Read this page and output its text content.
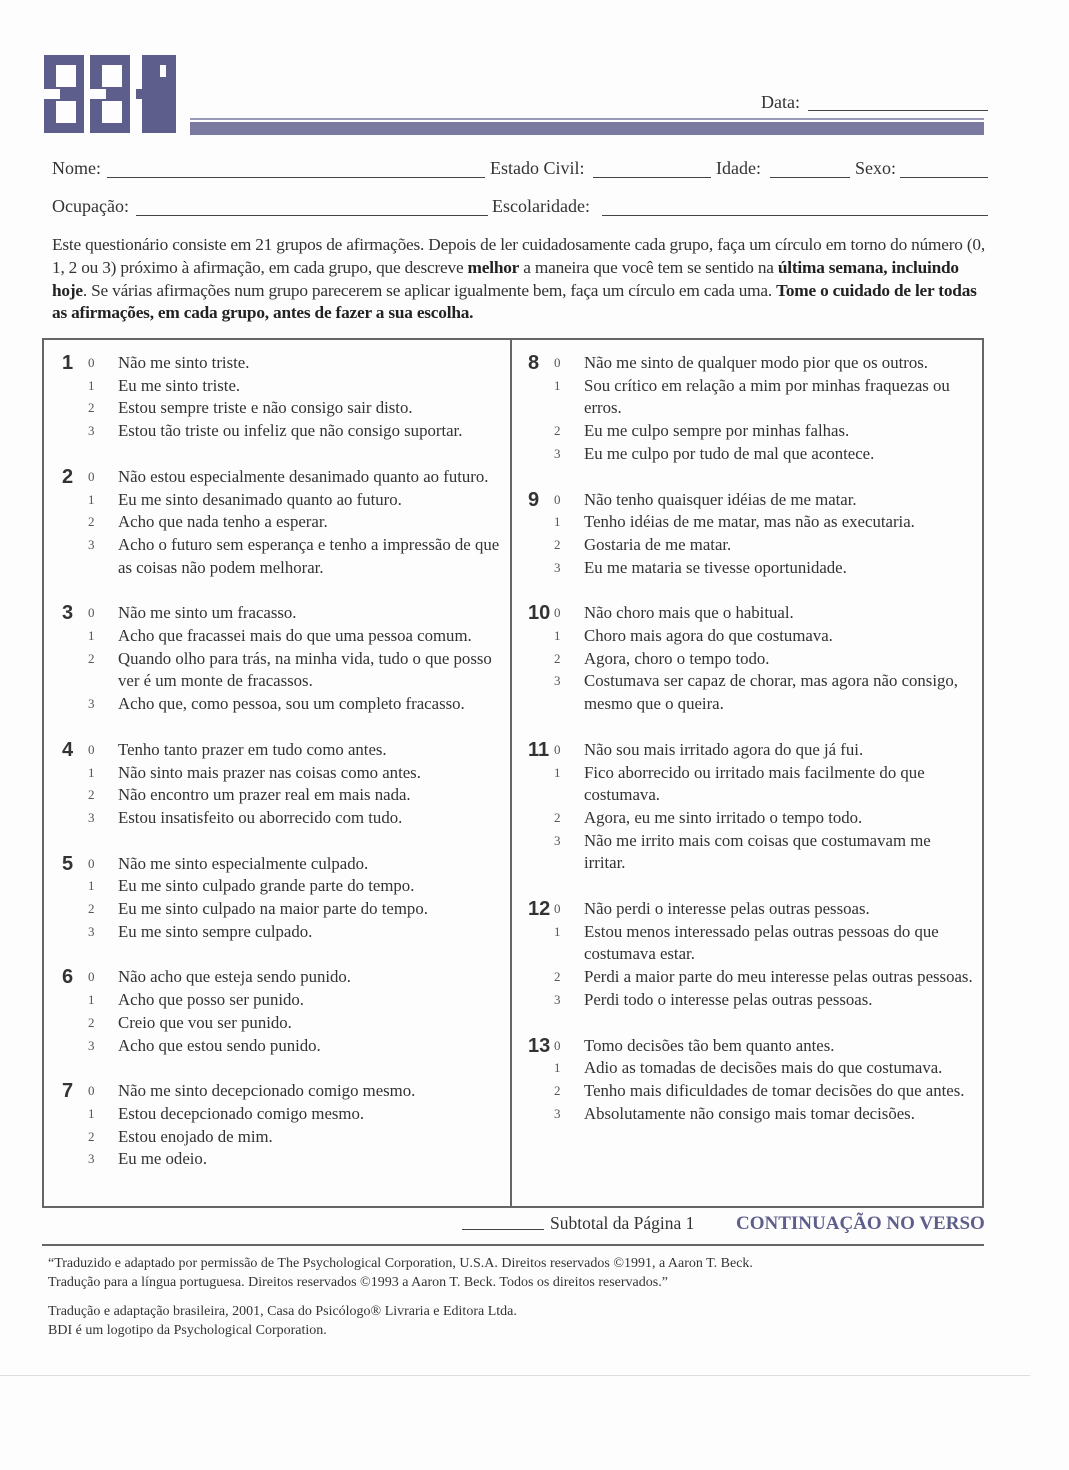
Data:
Nome:	Estado Civil:	Idade:	Sexo:
Ocupação:	Escolaridade:
Este questionário consiste em 21 grupos de afirmações. Depois de ler cuidadosamente cada grupo, faça um círculo em torno do número (0, 1, 2 ou 3) próximo à afirmação, em cada grupo, que descreve melhor a maneira que você tem se sentido na última semana, incluindo hoje. Se várias afirmações num grupo parecerem se aplicar igualmente bem, faça um círculo em cada uma. Tome o cuidado de ler todas as afirmações, em cada grupo, antes de fazer a sua escolha.
1	0	Não me sinto triste.
1	Eu me sinto triste.
2	Estou sempre triste e não consigo sair disto.
3	Estou tão triste ou infeliz que não consigo suportar.
2	0	Não estou especialmente desanimado quanto ao futuro.
1	Eu me sinto desanimado quanto ao futuro.
2	Acho que nada tenho a esperar.
3	Acho o futuro sem esperança e tenho a impressão de que as coisas não podem melhorar.
3	0	Não me sinto um fracasso.
1	Acho que fracassei mais do que uma pessoa comum.
2	Quando olho para trás, na minha vida, tudo o que posso ver é um monte de fracassos.
3	Acho que, como pessoa, sou um completo fracasso.
4	0	Tenho tanto prazer em tudo como antes.
1	Não sinto mais prazer nas coisas como antes.
2	Não encontro um prazer real em mais nada.
3	Estou insatisfeito ou aborrecido com tudo.
5	0	Não me sinto especialmente culpado.
1	Eu me sinto culpado grande parte do tempo.
2	Eu me sinto culpado na maior parte do tempo.
3	Eu me sinto sempre culpado.
6	0	Não acho que esteja sendo punido.
1	Acho que posso ser punido.
2	Creio que vou ser punido.
3	Acho que estou sendo punido.
7	0	Não me sinto decepcionado comigo mesmo.
1	Estou decepcionado comigo mesmo.
2	Estou enojado de mim.
3	Eu me odeio.
8	0	Não me sinto de qualquer modo pior que os outros.
1	Sou crítico em relação a mim por minhas fraquezas ou erros.
2	Eu me culpo sempre por minhas falhas.
3	Eu me culpo por tudo de mal que acontece.
9	0	Não tenho quaisquer idéias de me matar.
1	Tenho idéias de me matar, mas não as executaria.
2	Gostaria de me matar.
3	Eu me mataria se tivesse oportunidade.
10 0	Não choro mais que o habitual.
1	Choro mais agora do que costumava.
2	Agora, choro o tempo todo.
3	Costumava ser capaz de chorar, mas agora não consigo, mesmo que o queira.
11 0	Não sou mais irritado agora do que já fui.
1	Fico aborrecido ou irritado mais facilmente do que costumava.
2	Agora, eu me sinto irritado o tempo todo.
3	Não me irrito mais com coisas que costumavam me irritar.
12 0	Não perdi o interesse pelas outras pessoas.
1	Estou menos interessado pelas outras pessoas do que costumava estar.
2	Perdi a maior parte do meu interesse pelas outras pessoas.
3	Perdi todo o interesse pelas outras pessoas.
13 0	Tomo decisões tão bem quanto antes.
1	Adio as tomadas de decisões mais do que costumava.
2	Tenho mais dificuldades de tomar decisões do que antes.
3	Absolutamente não consigo mais tomar decisões.
Subtotal da Página 1 CONTINUAÇÃO NO VERSO
“Traduzido e adaptado por permissão de The Psychological Corporation, U.S.A. Direitos reservados ©1991, a Aaron T. Beck.
Tradução para a língua portuguesa. Direitos reservados ©1993 a Aaron T. Beck. Todos os direitos reservados.”
Tradução e adaptação brasileira, 2001, Casa do Psicólogo® Livraria e Editora Ltda.
BDI é um logotipo da Psychological Corporation.
